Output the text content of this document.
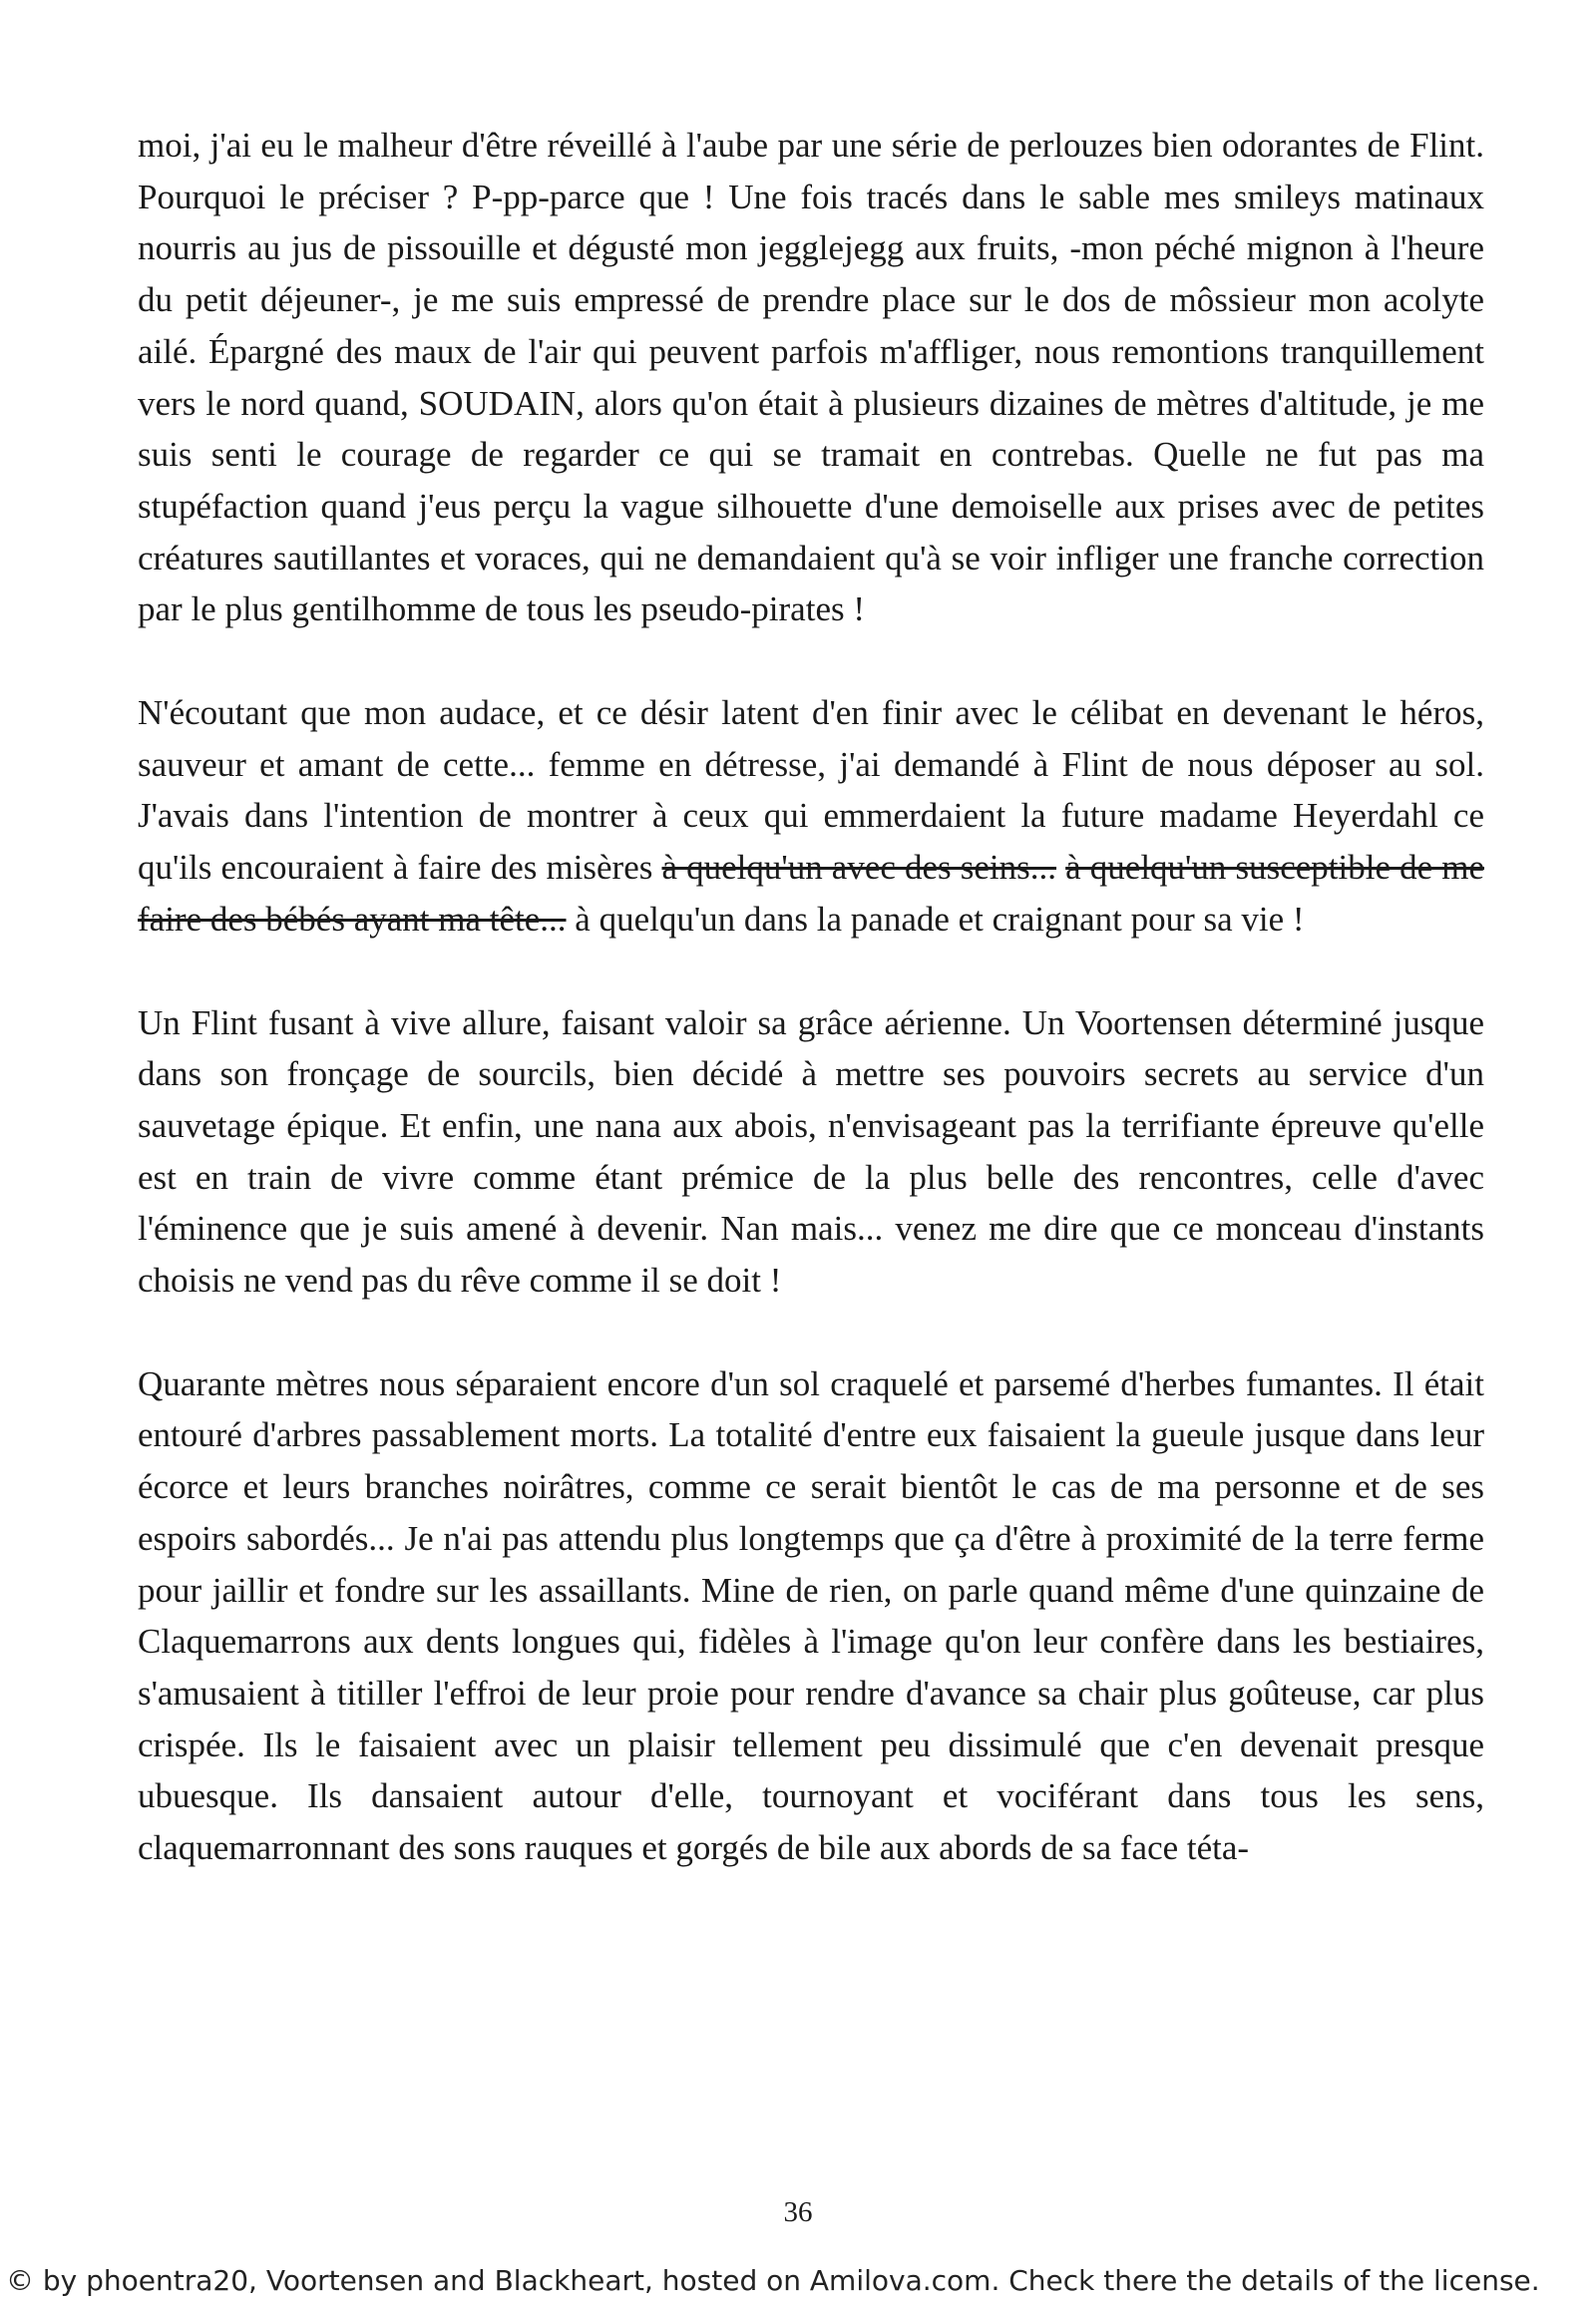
moi, j'ai eu le malheur d'être réveillé à l'aube par une série de perlouzes bien odorantes de Flint. Pourquoi le préciser ? P-pp-parce que ! Une fois tracés dans le sable mes smileys matinaux nourris au jus de pissouille et dégusté mon jegglejegg aux fruits, -mon péché mignon à l'heure du petit déjeuner-, je me suis empressé de prendre place sur le dos de môssieur mon acolyte ailé. Épargné des maux de l'air qui peuvent parfois m'affliger, nous remontions tranquillement vers le nord quand, SOUDAIN, alors qu'on était à plusieurs dizaines de mètres d'altitude, je me suis senti le courage de regarder ce qui se tramait en contrebas. Quelle ne fut pas ma stupéfaction quand j'eus perçu la vague silhouette d'une demoiselle aux prises avec de petites créatures sautillantes et voraces, qui ne demandaient qu'à se voir infliger une franche correction par le plus gentilhomme de tous les pseudo-pirates !

N'écoutant que mon audace, et ce désir latent d'en finir avec le célibat en devenant le héros, sauveur et amant de cette... femme en détresse, j'ai demandé à Flint de nous déposer au sol. J'avais dans l'intention de montrer à ceux qui emmerdaient la future madame Heyerdahl ce qu'ils encouraient à faire des misères à quelqu'un avec des seins... à quelqu'un susceptible de me faire des bébés ayant ma tête... à quelqu'un dans la panade et craignant pour sa vie !

Un Flint fusant à vive allure, faisant valoir sa grâce aérienne. Un Voortensen déterminé jusque dans son fronçage de sourcils, bien décidé à mettre ses pouvoirs secrets au service d'un sauvetage épique. Et enfin, une nana aux abois, n'envisageant pas la terrifiante épreuve qu'elle est en train de vivre comme étant prémice de la plus belle des rencontres, celle d'avec l'éminence que je suis amené à devenir. Nan mais... venez me dire que ce monceau d'instants choisis ne vend pas du rêve comme il se doit !

Quarante mètres nous séparaient encore d'un sol craquelé et parsemé d'herbes fumantes. Il était entouré d'arbres passablement morts. La totalité d'entre eux faisaient la gueule jusque dans leur écorce et leurs branches noirâtres, comme ce serait bientôt le cas de ma personne et de ses espoirs sabordés... Je n'ai pas attendu plus longtemps que ça d'être à proximité de la terre ferme pour jaillir et fondre sur les assaillants. Mine de rien, on parle quand même d'une quinzaine de Claquemarrons aux dents longues qui, fidèles à l'image qu'on leur confère dans les bestiaires, s'amusaient à titiller l'effroi de leur proie pour rendre d'avance sa chair plus goûteuse, car plus crispée. Ils le faisaient avec un plaisir tellement peu dissimulé que c'en devenait presque ubuesque. Ils dansaient autour d'elle, tournoyant et vociférant dans tous les sens, claquemarronnant des sons rauques et gorgés de bile aux abords de sa face téta-

36
© by phoentra20, Voortensen and Blackheart, hosted on Amilova.com. Check there the details of the license.
